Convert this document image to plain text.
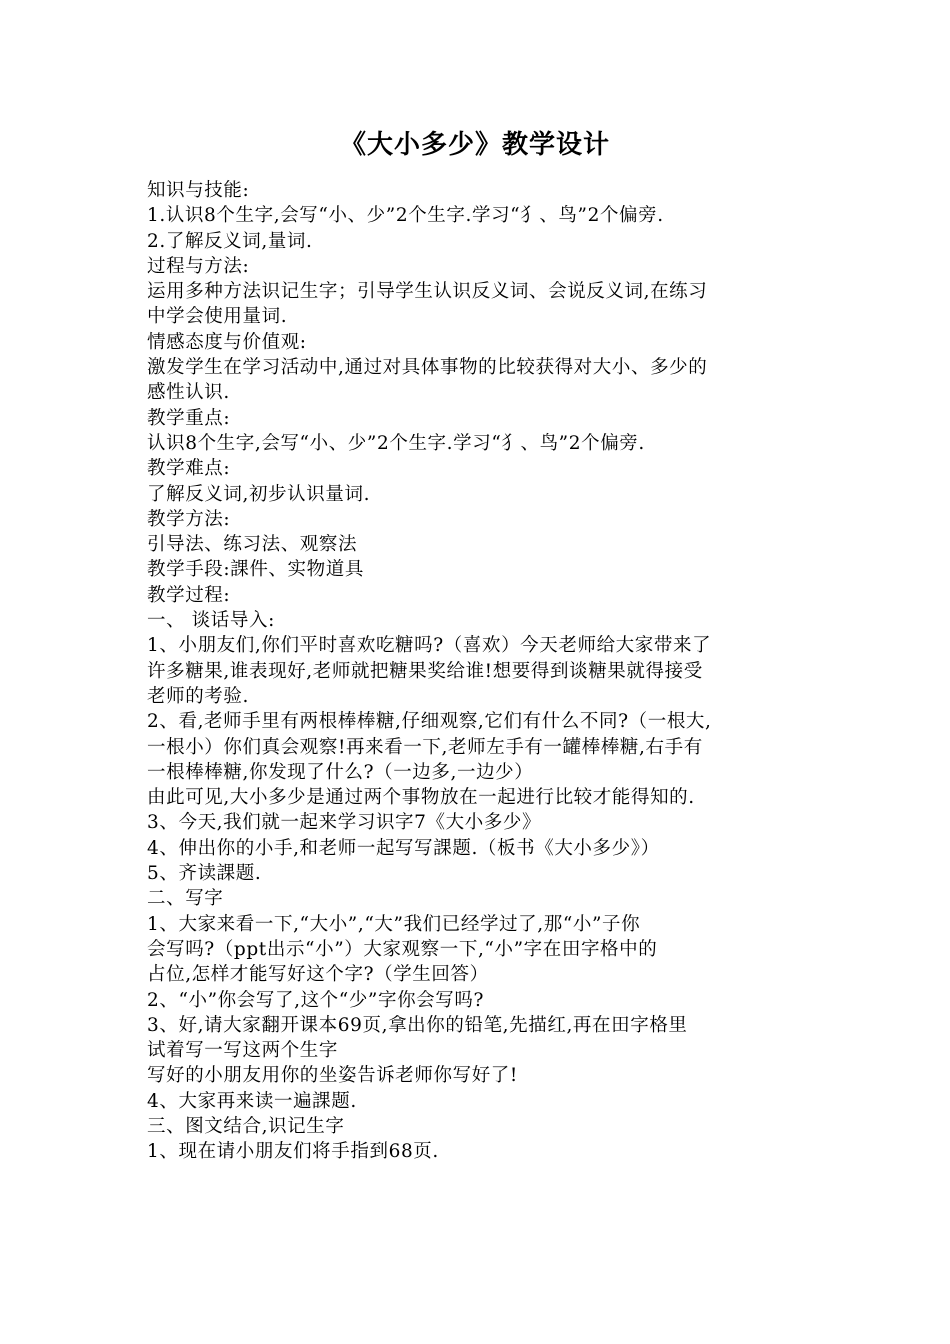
《大小多少》教学设计
知识与技能:
1.认识8个生字,会写“小、少”2个生字.学习“犭、鸟”2个偏旁.
2.了解反义词,量词.
过程与方法:
运用多种方法识记生字；引导学生认识反义词、会说反义词,在练习
中学会使用量词.
情感态度与价值观:
激发学生在学习活动中,通过对具体事物的比较获得对大小、多少的
感性认识.
教学重点:
认识8个生字,会写“小、少”2个生字.学习“犭、鸟”2个偏旁.
教学难点:
了解反义词,初步认识量词.
教学方法:
引导法、练习法、观察法
教学手段:課件、实物道具
教学过程:
一、 谈话导入:
1、小朋友们,你们平时喜欢吃糖吗?（喜欢）今天老师给大家带来了
许多糖果,谁表现好,老师就把糖果奖给谁!想要得到谈糖果就得接受
老师的考验.
2、看,老师手里有两根棒棒糖,仔细观察,它们有什么不同?（一根大,
一根小）你们真会观察!再来看一下,老师左手有一罐棒棒糖,右手有
一根棒棒糖,你发现了什么?（一边多,一边少）
由此可见,大小多少是通过两个事物放在一起进行比较才能得知的.
3、今天,我们就一起来学习识字7《大小多少》
4、伸出你的小手,和老师一起写写課题.（板书《大小多少》）
5、齐读課题.
二、写字
1、大家来看一下,“大小”,“大”我们已经学过了,那“小”子你
会写吗?（ppt出示“小”）大家观察一下,“小”字在田字格中的
占位,怎样才能写好这个字?（学生回答）
2、“小”你会写了,这个“少”字你会写吗?
3、好,请大家翻开课本69页,拿出你的铅笔,先描红,再在田字格里
试着写一写这两个生字
写好的小朋友用你的坐姿告诉老师你写好了!
4、大家再来读一遍課题.
三、图文结合,识记生字
1、现在请小朋友们将手指到68页.
